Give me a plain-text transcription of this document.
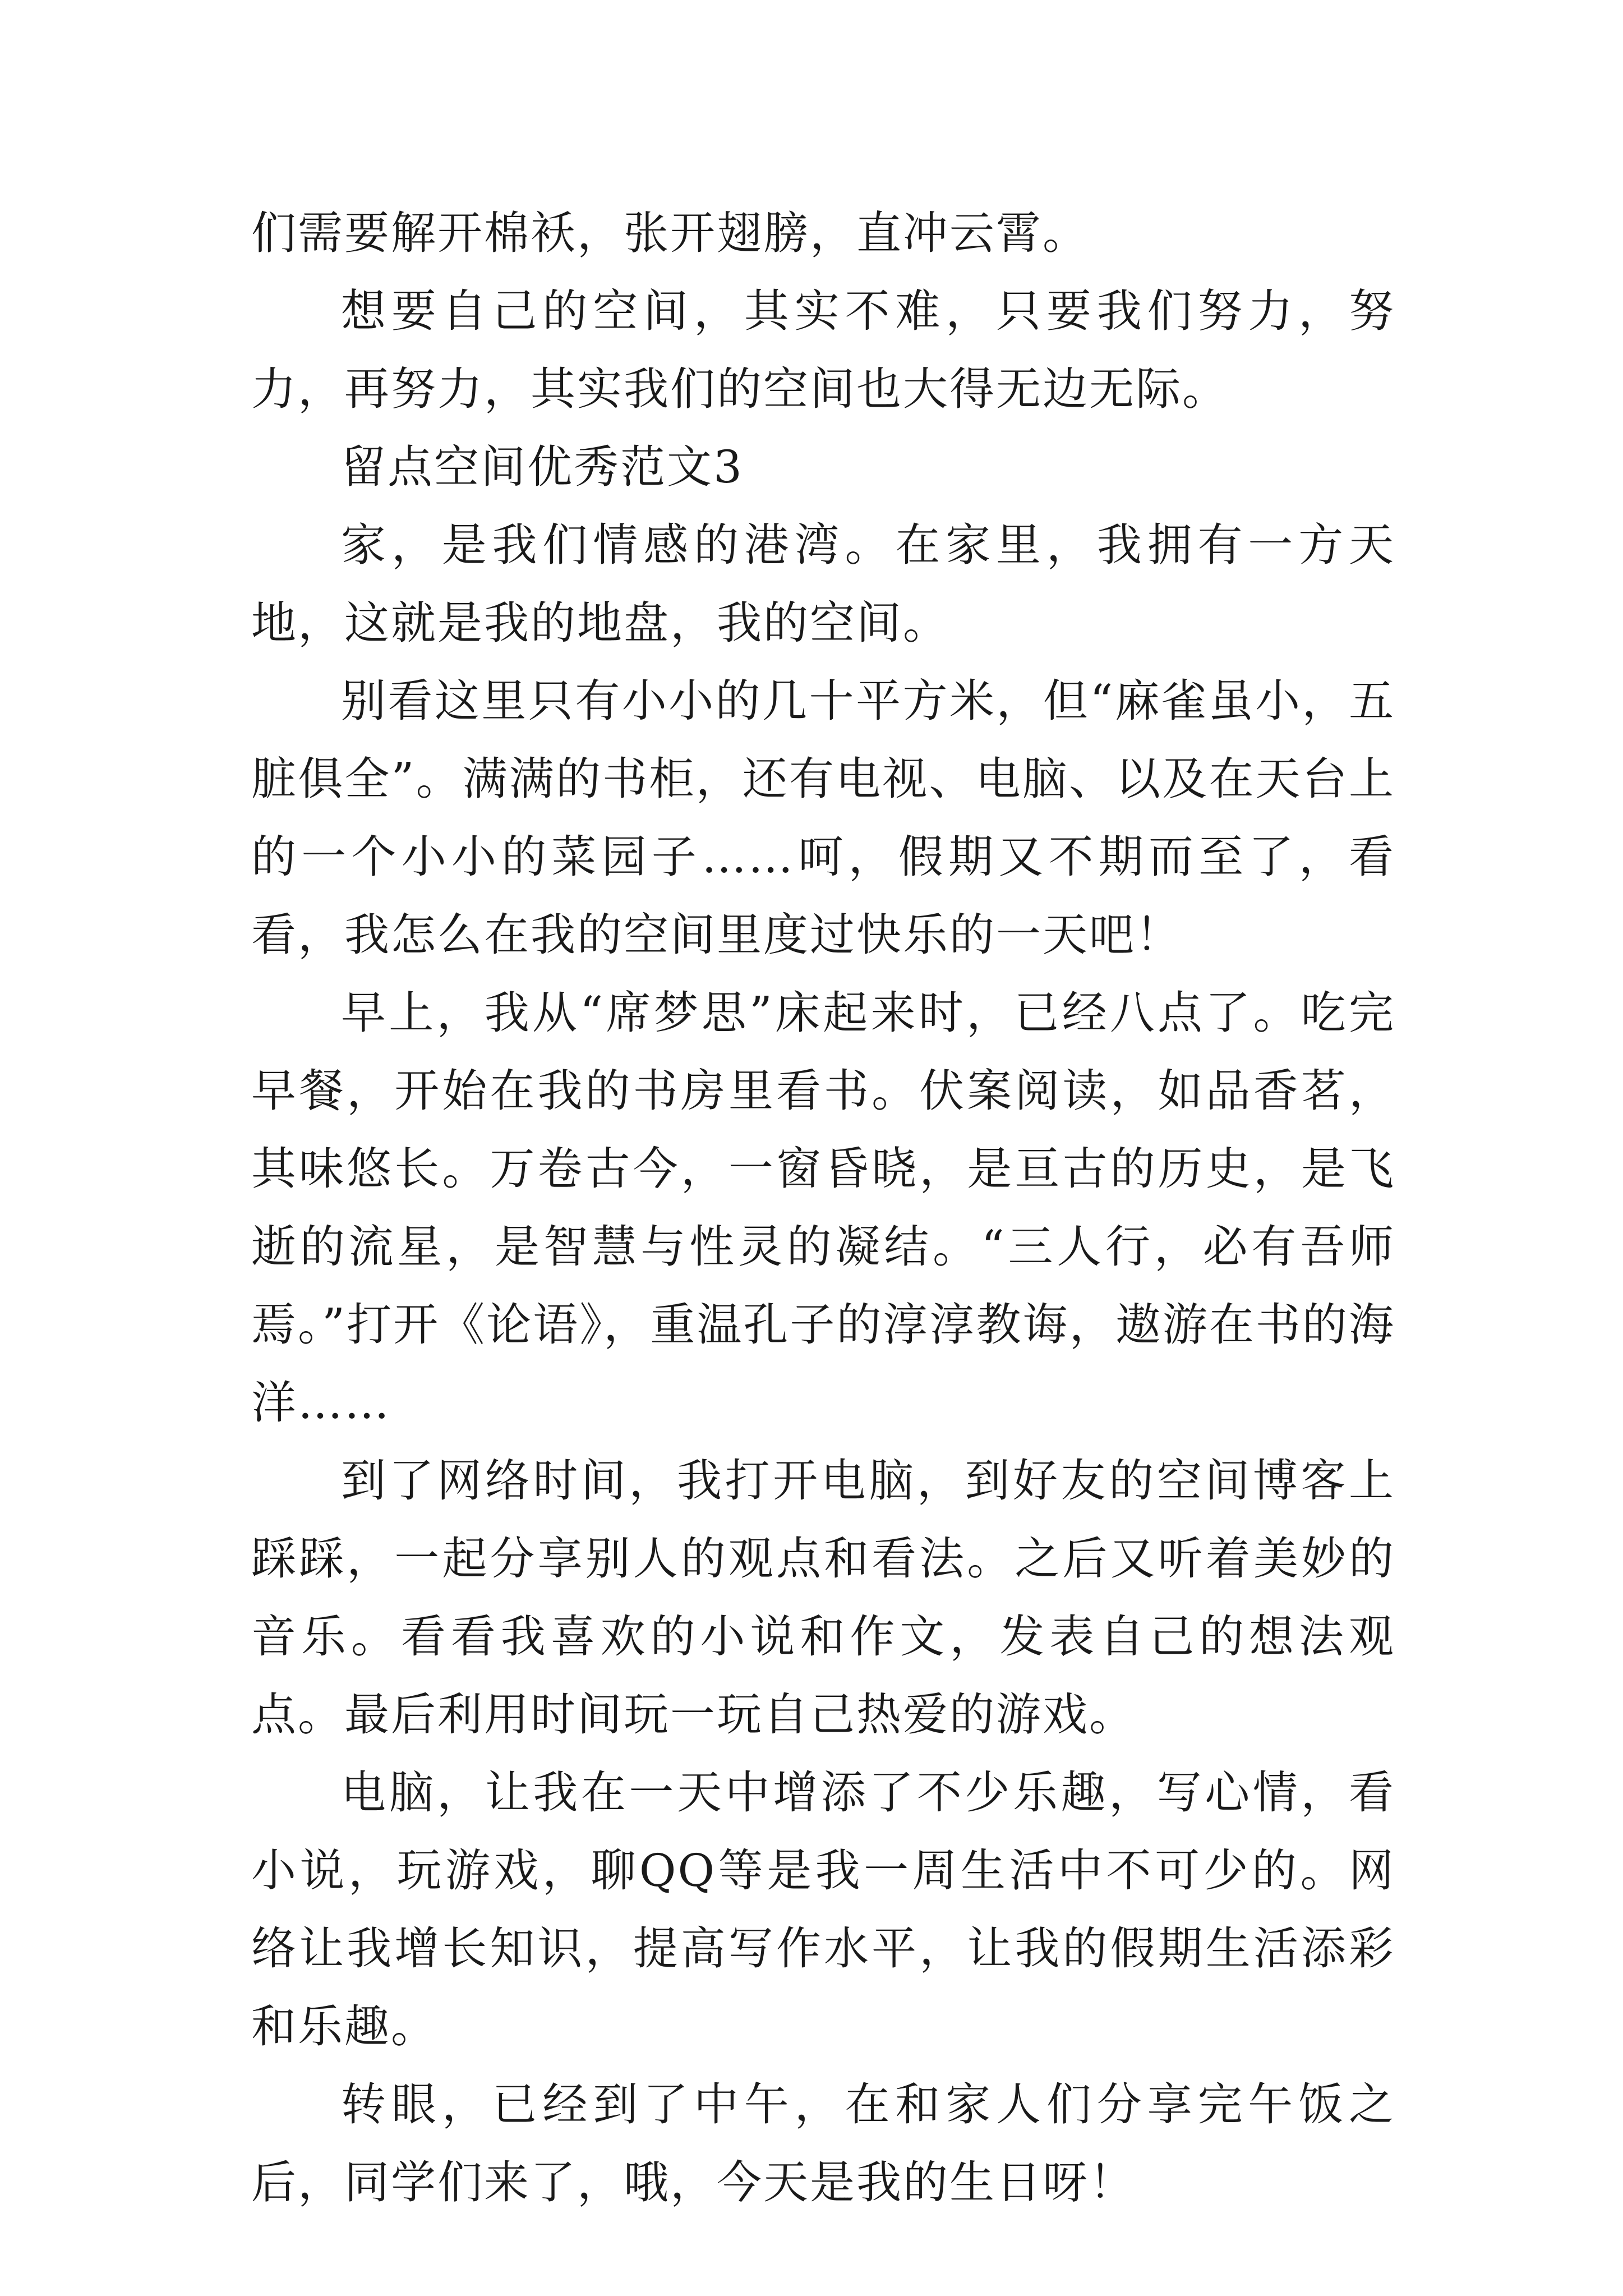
们需要解开棉袄，张开翅膀，直冲云霄。

想要自己的空间，其实不难，只要我们努力，努力，再努力，其实我们的空间也大得无边无际。

留点空间优秀范文3

家，是我们情感的港湾。在家里，我拥有一方天地，这就是我的地盘，我的空间。

别看这里只有小小的几十平方米，但“麻雀虽小，五脏俱全”。满满的书柜，还有电视、电脑、以及在天台上的一个小小的菜园子……呵，假期又不期而至了，看看，我怎么在我的空间里度过快乐的一天吧！

早上，我从“席梦思”床起来时，已经八点了。吃完早餐，开始在我的书房里看书。伏案阅读，如品香茗，其味悠长。万卷古今，一窗昏晓，是亘古的历史，是飞逝的流星，是智慧与性灵的凝结。“三人行，必有吾师焉。”打开《论语》，重温孔子的淳淳教诲，遨游在书的海洋……

到了网络时间，我打开电脑，到好友的空间博客上踩踩，一起分享别人的观点和看法。之后又听着美妙的音乐。看看我喜欢的小说和作文，发表自己的想法观点。最后利用时间玩一玩自己热爱的游戏。

电脑，让我在一天中增添了不少乐趣，写心情，看小说，玩游戏，聊QQ等是我一周生活中不可少的。网络让我增长知识，提高写作水平，让我的假期生活添彩和乐趣。

转眼，已经到了中午，在和家人们分享完午饭之后，同学们来了，哦，今天是我的生日呀！
